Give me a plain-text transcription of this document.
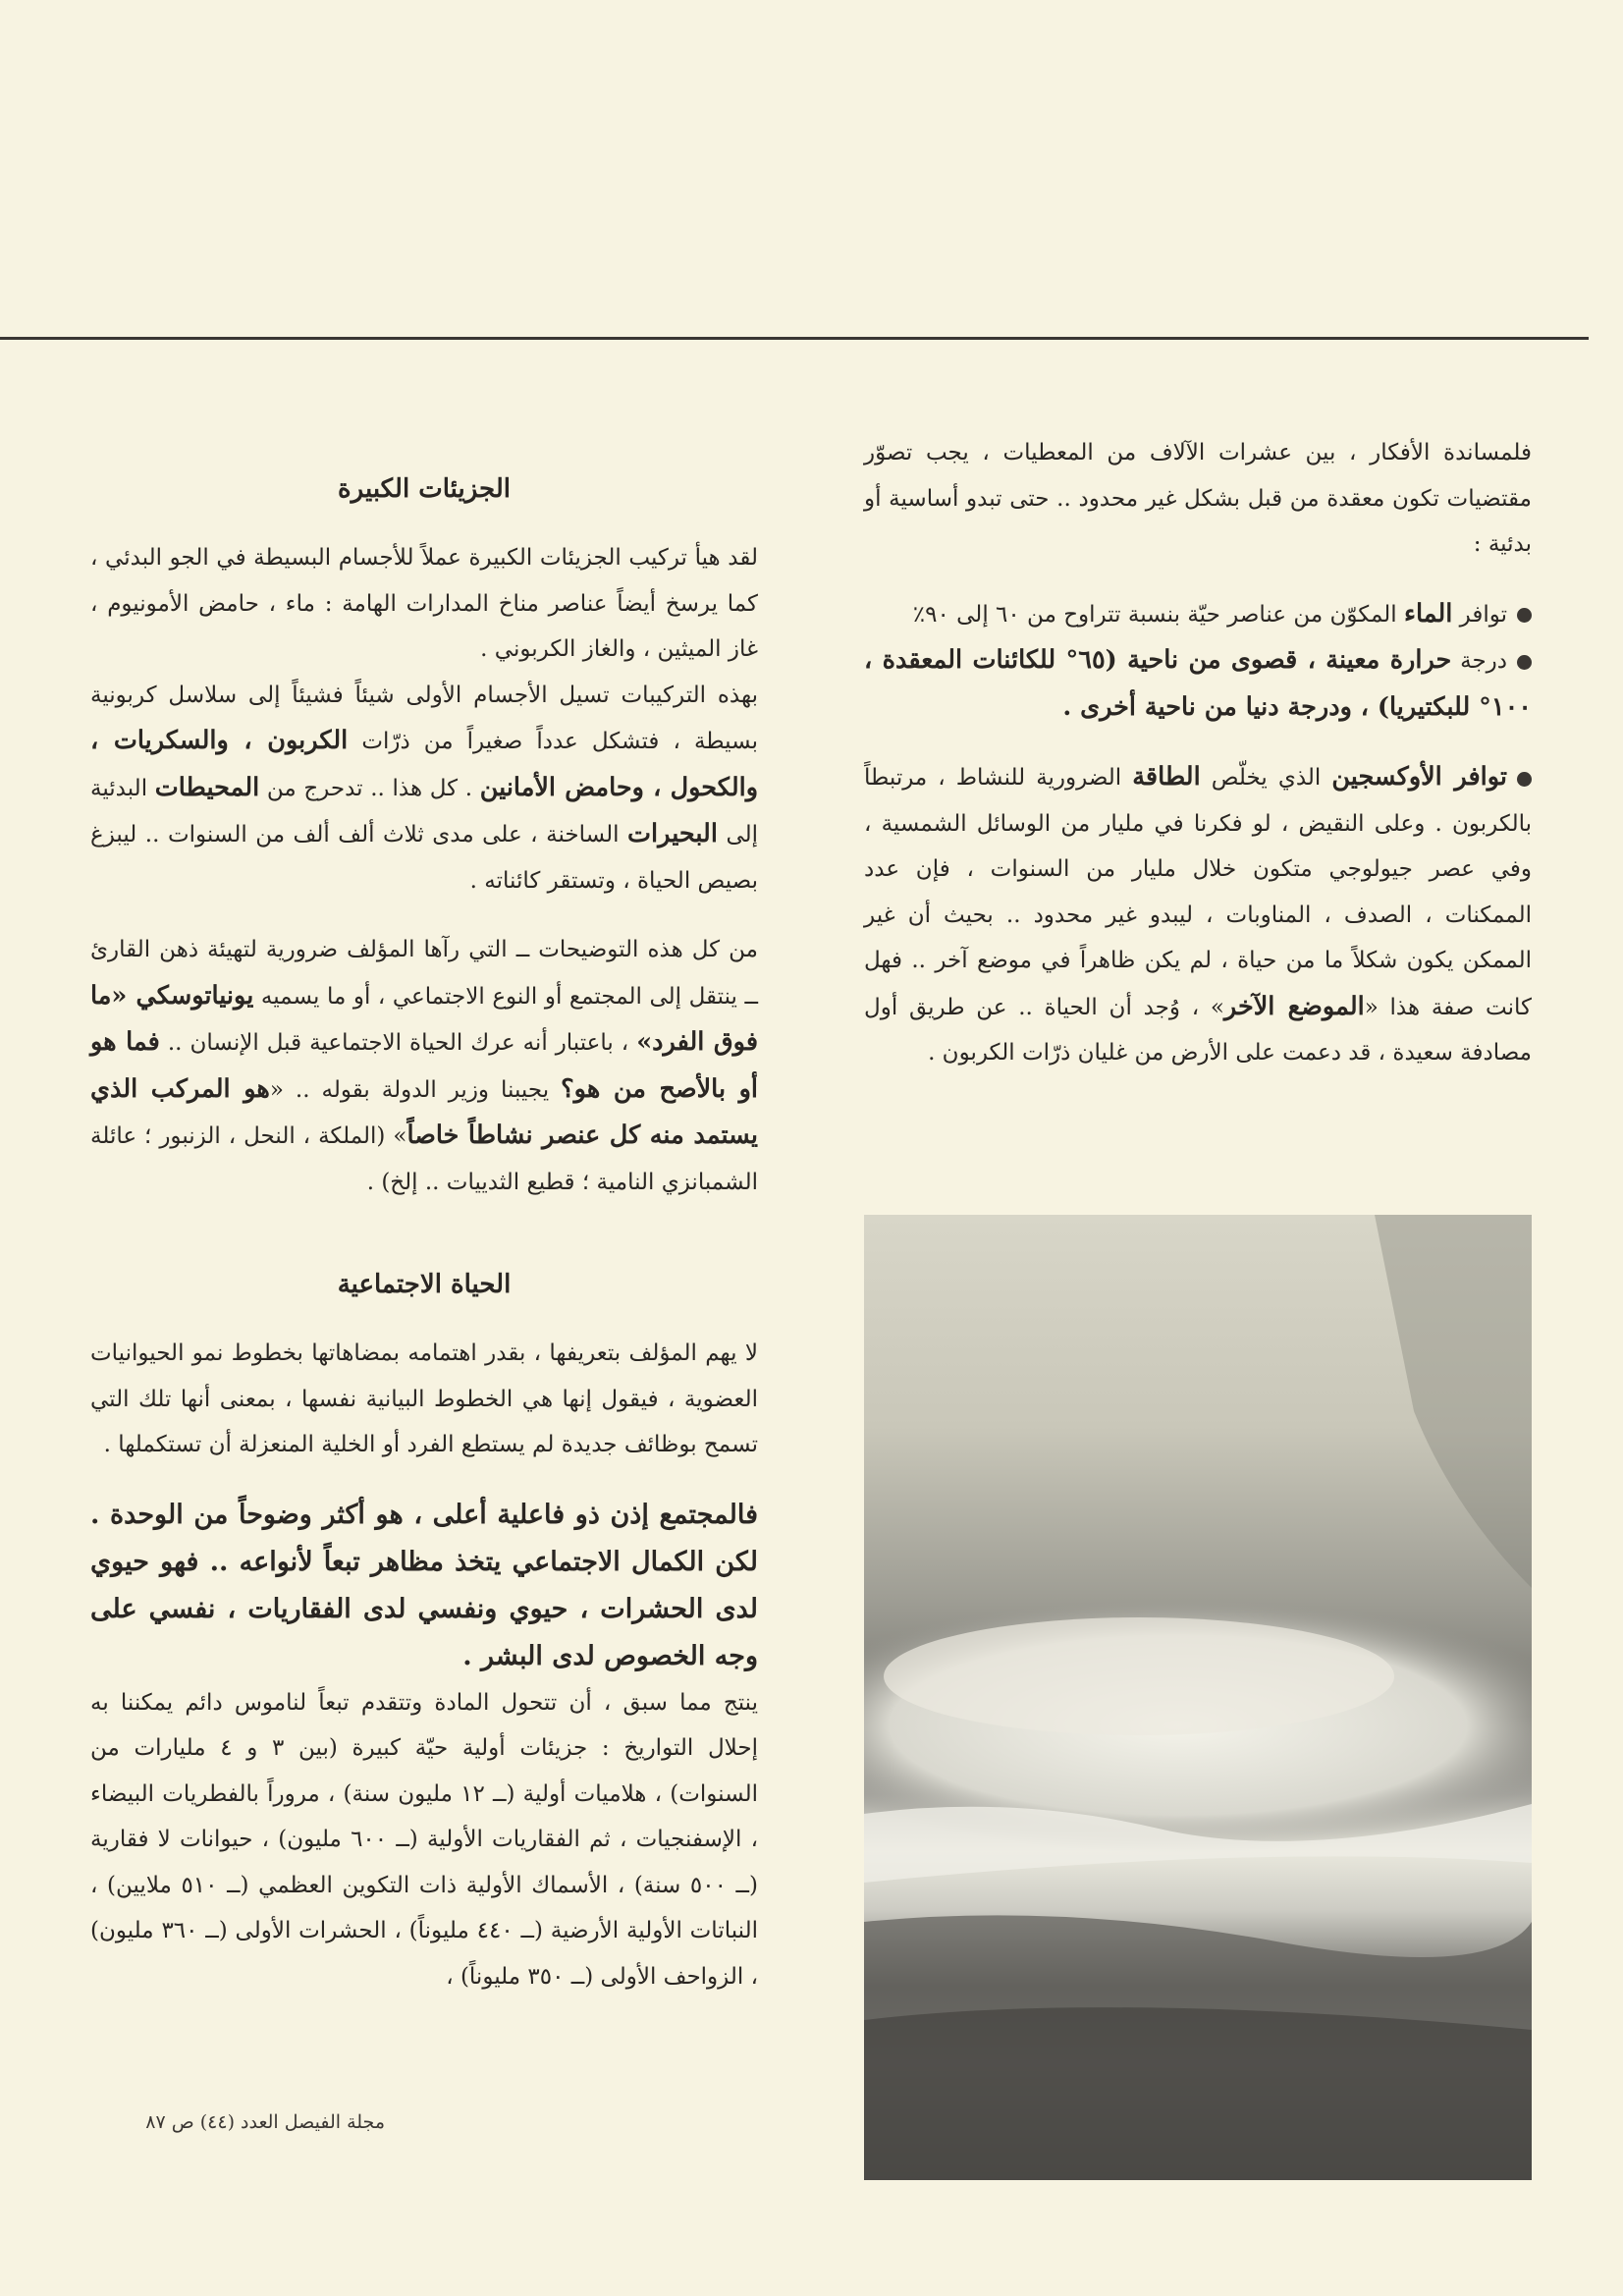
فلمساندة الأفكار ، بين عشرات الآلاف من المعطيات ، يجب تصوّر مقتضيات تكون معقدة من قبل بشكل غير محدود .. حتى تبدو أساسية أو بدئية :

توافر الماء المكوّن من عناصر حيّة بنسبة تتراوح من ٦٠ إلى ٩٠٪

درجة حرارة معينة ، قصوى من ناحية (٦٥° للكائنات المعقدة ، ١٠٠° للبكتيريا) ، ودرجة دنيا من ناحية أخرى .

توافر الأوكسجين الذي يخلّص الطاقة الضرورية للنشاط ، مرتبطاً بالكربون . وعلى النقيض ، لو فكرنا في مليار من الوسائل الشمسية ، وفي عصر جيولوجي متكون خلال مليار من السنوات ، فإن عدد الممكنات ، الصدف ، المناوبات ، ليبدو غير محدود .. بحيث أن غير الممكن يكون شكلاً ما من حياة ، لم يكن ظاهراً في موضع آخر .. فهل كانت صفة هذا «الموضع الآخر» ، وُجد أن الحياة .. عن طريق أول مصادفة سعيدة ، قد دعمت على الأرض من غليان ذرّات الكربون .

الجزيئات الكبيرة

لقد هيأ تركيب الجزيئات الكبيرة عملاً للأجسام البسيطة في الجو البدئي ، كما يرسخ أيضاً عناصر مناخ المدارات الهامة : ماء ، حامض الأمونيوم ، غاز الميثين ، والغاز الكربوني .

بهذه التركيبات تسيل الأجسام الأولى شيئاً فشيئاً إلى سلاسل كربونية بسيطة ، فتشكل عدداً صغيراً من ذرّات الكربون ، والسكريات ، والكحول ، وحامض الأمانين . كل هذا .. تدحرج من المحيطات البدئية إلى البحيرات الساخنة ، على مدى ثلاث ألف ألف من السنوات .. ليبزغ بصيص الحياة ، وتستقر كائناته .

من كل هذه التوضيحات ــ التي رآها المؤلف ضرورية لتهيئة ذهن القارئ ــ ينتقل إلى المجتمع أو النوع الاجتماعي ، أو ما يسميه يونياتوسكي «ما فوق الفرد» ، باعتبار أنه عرك الحياة الاجتماعية قبل الإنسان .. فما هو أو بالأصح من هو؟ يجيبنا وزير الدولة بقوله .. «هو المركب الذي يستمد منه كل عنصر نشاطاً خاصاً» (الملكة ، النحل ، الزنبور ؛ عائلة الشمبانزي النامية ؛ قطيع الثدييات .. إلخ) .

الحياة الاجتماعية

لا يهم المؤلف بتعريفها ، بقدر اهتمامه بمضاهاتها بخطوط نمو الحيوانيات العضوية ، فيقول إنها هي الخطوط البيانية نفسها ، بمعنى أنها تلك التي تسمح بوظائف جديدة لم يستطع الفرد أو الخلية المنعزلة أن تستكملها .

فالمجتمع إذن ذو فاعلية أعلى ، هو أكثر وضوحاً من الوحدة . لكن الكمال الاجتماعي يتخذ مظاهر تبعاً لأنواعه .. فهو حيوي لدى الحشرات ، حيوي ونفسي لدى الفقاريات ، نفسي على وجه الخصوص لدى البشر .

ينتج مما سبق ، أن تتحول المادة وتتقدم تبعاً لناموس دائم يمكننا به إحلال التواريخ : جزيئات أولية حيّة كبيرة (بين ٣ و ٤ مليارات من السنوات) ، هلاميات أولية (ــ ١٢ مليون سنة) ، مروراً بالفطريات البيضاء ، الإسفنجيات ، ثم الفقاريات الأولية (ــ ٦٠٠ مليون) ، حيوانات لا فقارية (ــ ٥٠٠ سنة) ، الأسماك الأولية ذات التكوين العظمي (ــ ٥١٠ ملايين) ، النباتات الأولية الأرضية (ــ ٤٤٠ مليوناً) ، الحشرات الأولى (ــ ٣٦٠ مليون) ، الزواحف الأولى (ــ ٣٥٠ مليوناً) ،

مجلة الفيصل العدد (٤٤) ص ٨٧
